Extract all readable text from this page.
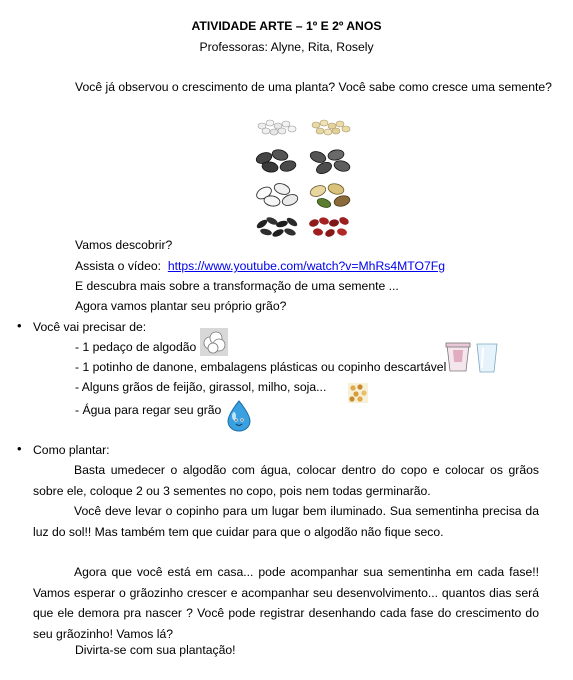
ATIVIDADE ARTE – 1º E 2º ANOS
Professoras: Alyne, Rita, Rosely
Você já observou o crescimento de uma planta? Você sabe como cresce uma semente?
Vamos descobrir?
Assista o vídeo: https://www.youtube.com/watch?v=MhRs4MTO7Fg
E descubra mais sobre a transformação de uma semente ...
Agora vamos plantar seu próprio grão?
• Você vai precisar de:
- 1 pedaço de algodão
- 1 potinho de danone, embalagens plásticas ou copinho descartável
- Alguns grãos de feijão, girassol, milho, soja...
- Água para regar seu grão
• Como plantar:
Basta umedecer o algodão com água, colocar dentro do copo e colocar os grãos sobre ele, coloque 2 ou 3 sementes no copo, pois nem todas germinarão.
Você deve levar o copinho para um lugar bem iluminado. Sua sementinha precisa da luz do sol!! Mas também tem que cuidar para que o algodão não fique seco.
Agora que você está em casa... pode acompanhar sua sementinha em cada fase!! Vamos esperar o grãozinho crescer e acompanhar seu desenvolvimento... quantos dias será que ele demora pra nascer ? Você pode registrar desenhando cada fase do crescimento do seu grãozinho! Vamos lá?
Divirta-se com sua plantação!
